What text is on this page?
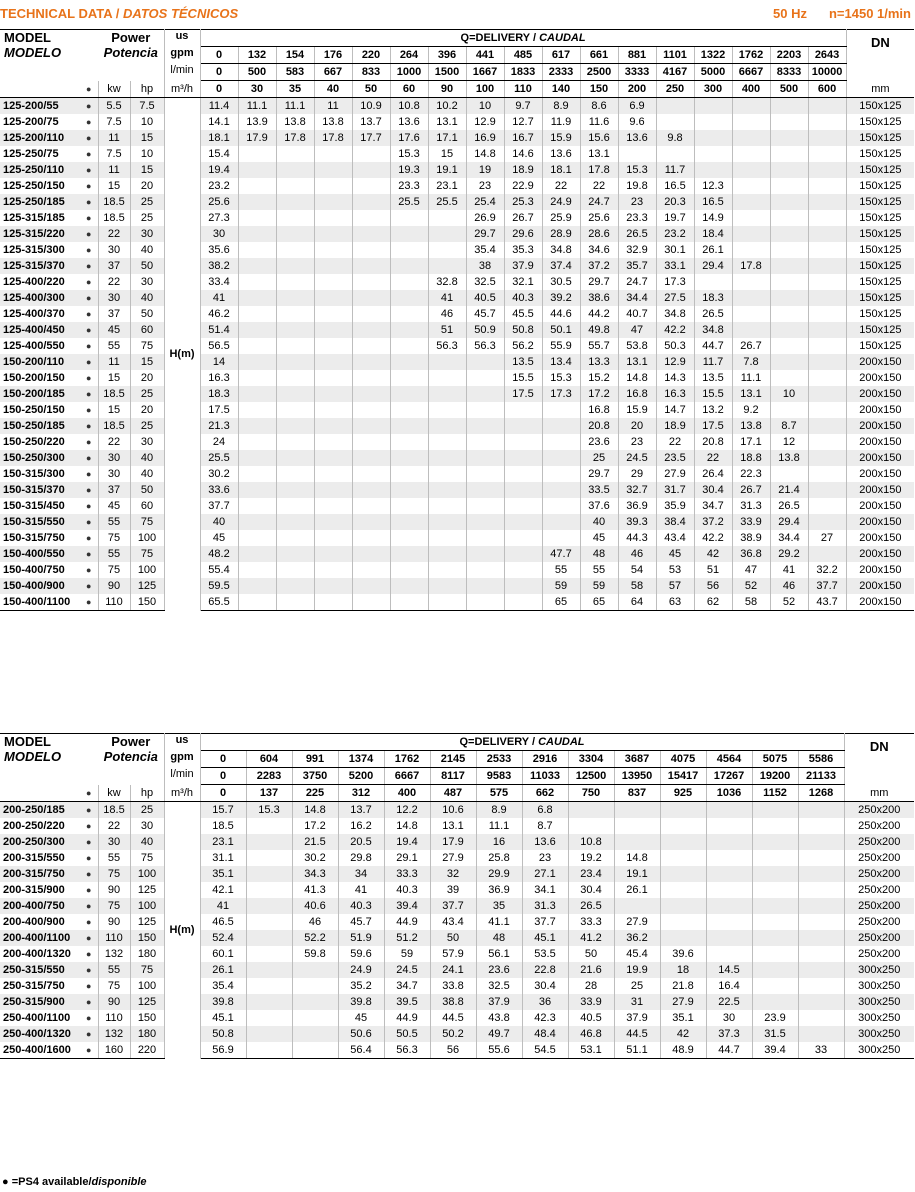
TECHNICAL DATA / DATOS TÉCNICOS	50 Hz n=1450 1/min
MODEL
MODELO		Power
Potencia		us	Q=DELIVERY / CAUDAL																	DN
				gpm	0	132	154	176	220	264	396	441	485	617	661	881	1101	1322	1762	2203	2643	
				l/min	0	500	583	667	833	1000	1500	1667	1833	2333	2500	3333	4167	5000	6667	8333	10000	
	●	kw	hp	m³/h	0	30	35	40	50	60	90	100	110	140	150	200	250	300	400	500	600	mm
125-200/55	●	5.5	7.5	H(m)	11.4	11.1	11.1	11	10.9	10.8	10.2	10	9.7	8.9	8.6	6.9						150x125
125-200/75	●	7.5	10		14.1	13.9	13.8	13.8	13.7	13.6	13.1	12.9	12.7	11.9	11.6	9.6						150x125
125-200/110	●	11	15		18.1	17.9	17.8	17.8	17.7	17.6	17.1	16.9	16.7	15.9	15.6	13.6	9.8					150x125
125-250/75	●	7.5	10		15.4					15.3	15	14.8	14.6	13.6	13.1							150x125
125-250/110	●	11	15		19.4					19.3	19.1	19	18.9	18.1	17.8	15.3	11.7					150x125
125-250/150	●	15	20		23.2					23.3	23.1	23	22.9	22	22	19.8	16.5	12.3				150x125
125-250/185	●	18.5	25		25.6					25.5	25.5	25.4	25.3	24.9	24.7	23	20.3	16.5				150x125
125-315/185	●	18.5	25		27.3							26.9	26.7	25.9	25.6	23.3	19.7	14.9				150x125
125-315/220	●	22	30		30							29.7	29.6	28.9	28.6	26.5	23.2	18.4				150x125
125-315/300	●	30	40		35.6							35.4	35.3	34.8	34.6	32.9	30.1	26.1				150x125
125-315/370	●	37	50		38.2							38	37.9	37.4	37.2	35.7	33.1	29.4	17.8			150x125
125-400/220	●	22	30		33.4						32.8	32.5	32.1	30.5	29.7	24.7	17.3					150x125
125-400/300	●	30	40		41						41	40.5	40.3	39.2	38.6	34.4	27.5	18.3				150x125
125-400/370	●	37	50		46.2						46	45.7	45.5	44.6	44.2	40.7	34.8	26.5				150x125
125-400/450	●	45	60		51.4						51	50.9	50.8	50.1	49.8	47	42.2	34.8				150x125
125-400/550	●	55	75		56.5						56.3	56.3	56.2	55.9	55.7	53.8	50.3	44.7	26.7			150x125
150-200/110	●	11	15		14								13.5	13.4	13.3	13.1	12.9	11.7	7.8			200x150
150-200/150	●	15	20		16.3								15.5	15.3	15.2	14.8	14.3	13.5	11.1			200x150
150-200/185	●	18.5	25		18.3								17.5	17.3	17.2	16.8	16.3	15.5	13.1	10		200x150
150-250/150	●	15	20		17.5										16.8	15.9	14.7	13.2	9.2			200x150
150-250/185	●	18.5	25		21.3										20.8	20	18.9	17.5	13.8	8.7		200x150
150-250/220	●	22	30		24										23.6	23	22	20.8	17.1	12		200x150
150-250/300	●	30	40		25.5										25	24.5	23.5	22	18.8	13.8		200x150
150-315/300	●	30	40		30.2										29.7	29	27.9	26.4	22.3			200x150
150-315/370	●	37	50		33.6										33.5	32.7	31.7	30.4	26.7	21.4		200x150
150-315/450	●	45	60		37.7										37.6	36.9	35.9	34.7	31.3	26.5		200x150
150-315/550	●	55	75		40										40	39.3	38.4	37.2	33.9	29.4		200x150
150-315/750	●	75	100		45										45	44.3	43.4	42.2	38.9	34.4	27	200x150
150-400/550	●	55	75		48.2									47.7	48	46	45	42	36.8	29.2		200x150
150-400/750	●	75	100		55.4									55	55	54	53	51	47	41	32.2	200x150
150-400/900	●	90	125		59.5									59	59	58	57	56	52	46	37.7	200x150
150-400/1100	●	110	150		65.5									65	65	64	63	62	58	52	43.7	200x150
MODEL
MODELO		Power
Potencia		us	Q=DELIVERY / CAUDAL														DN
				gpm	0	604	991	1374	1762	2145	2533	2916	3304	3687	4075	4564	5075	5586	
				l/min	0	2283	3750	5200	6667	8117	9583	11033	12500	13950	15417	17267	19200	21133	
	●	kw	hp	m³/h	0	137	225	312	400	487	575	662	750	837	925	1036	1152	1268	mm
200-250/185	●	18.5	25	H(m)	15.7	15.3	14.8	13.7	12.2	10.6	8.9	6.8							250x200
200-250/220	●	22	30		18.5		17.2	16.2	14.8	13.1	11.1	8.7							250x200
200-250/300	●	30	40		23.1		21.5	20.5	19.4	17.9	16	13.6	10.8						250x200
200-315/550	●	55	75		31.1		30.2	29.8	29.1	27.9	25.8	23	19.2	14.8					250x200
200-315/750	●	75	100		35.1		34.3	34	33.3	32	29.9	27.1	23.4	19.1					250x200
200-315/900	●	90	125		42.1		41.3	41	40.3	39	36.9	34.1	30.4	26.1					250x200
200-400/750	●	75	100		41		40.6	40.3	39.4	37.7	35	31.3	26.5						250x200
200-400/900	●	90	125		46.5		46	45.7	44.9	43.4	41.1	37.7	33.3	27.9					250x200
200-400/1100	●	110	150		52.4		52.2	51.9	51.2	50	48	45.1	41.2	36.2					250x200
200-400/1320	●	132	180		60.1		59.8	59.6	59	57.9	56.1	53.5	50	45.4	39.6				250x200
250-315/550	●	55	75		26.1			24.9	24.5	24.1	23.6	22.8	21.6	19.9	18	14.5			300x250
250-315/750	●	75	100		35.4			35.2	34.7	33.8	32.5	30.4	28	25	21.8	16.4			300x250
250-315/900	●	90	125		39.8			39.8	39.5	38.8	37.9	36	33.9	31	27.9	22.5			300x250
250-400/1100	●	110	150		45.1			45	44.9	44.5	43.8	42.3	40.5	37.9	35.1	30	23.9		300x250
250-400/1320	●	132	180		50.8			50.6	50.5	50.2	49.7	48.4	46.8	44.5	42	37.3	31.5		300x250
250-400/1600	●	160	220		56.9			56.4	56.3	56	55.6	54.5	53.1	51.1	48.9	44.7	39.4	33	300x250
● =PS4 available/disponible
